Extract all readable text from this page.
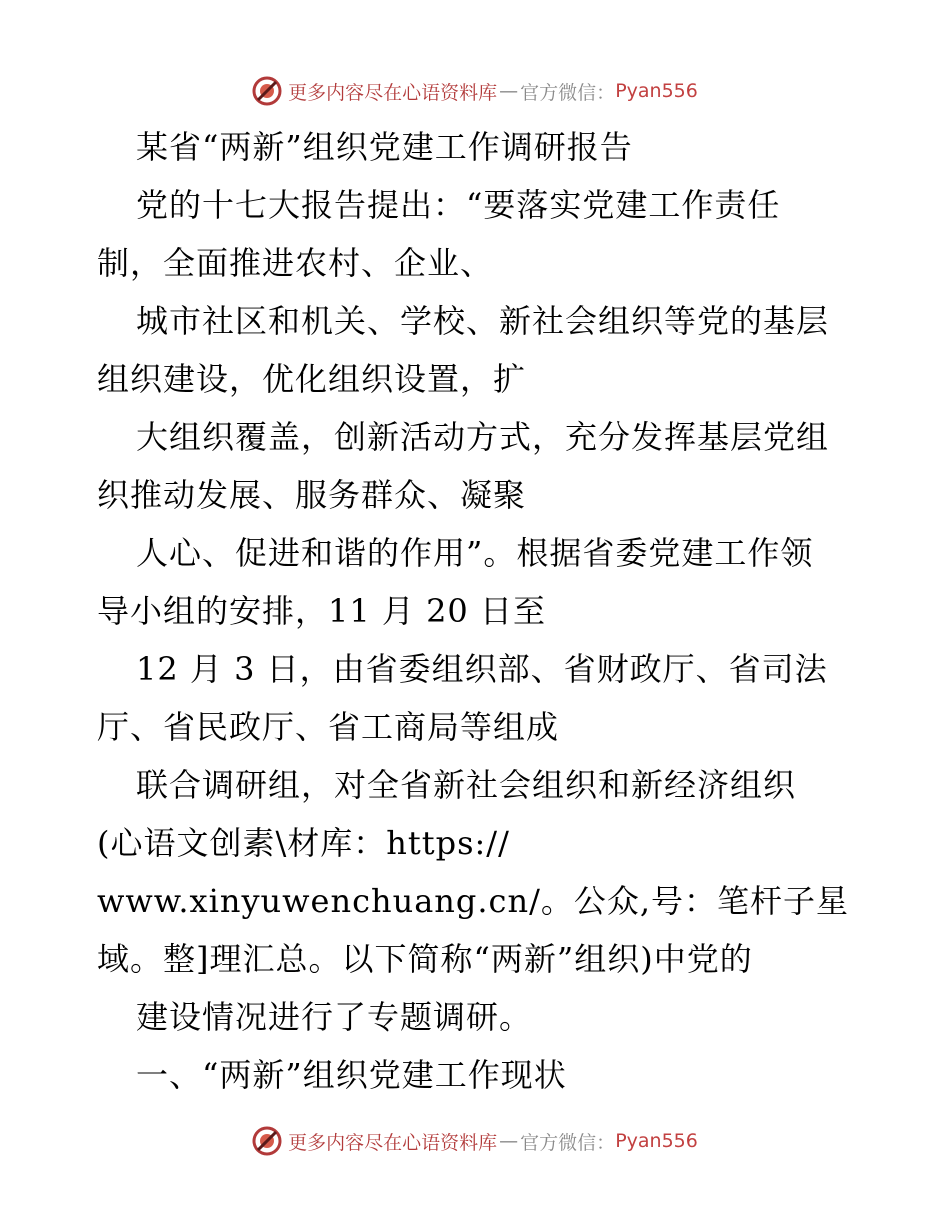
更多内容尽在心语资料库 — 官方微信： Pyan556
某省“两新”组织党建工作调研报告
党的十七大报告提出：“要落实党建工作责任
制，全面推进农村、企业、
城市社区和机关、学校、新社会组织等党的基层
组织建设，优化组织设置，扩
大组织覆盖，创新活动方式，充分发挥基层党组
织推动发展、服务群众、凝聚
人心、促进和谐的作用”。根据省委党建工作领
导小组的安排，11 月 20 日至
12 月 3 日，由省委组织部、省财政厅、省司法
厅、省民政厅、省工商局等组成
联合调研组，对全省新社会组织和新经济组织
(心语文创素\材库：https://
www.xinyuwenchuang.cn/。公众,号：笔杆子星
域。整]理汇总。以下简称“两新”组织)中党的
建设情况进行了专题调研。
一、“两新”组织党建工作现状
更多内容尽在心语资料库 — 官方微信： Pyan556
